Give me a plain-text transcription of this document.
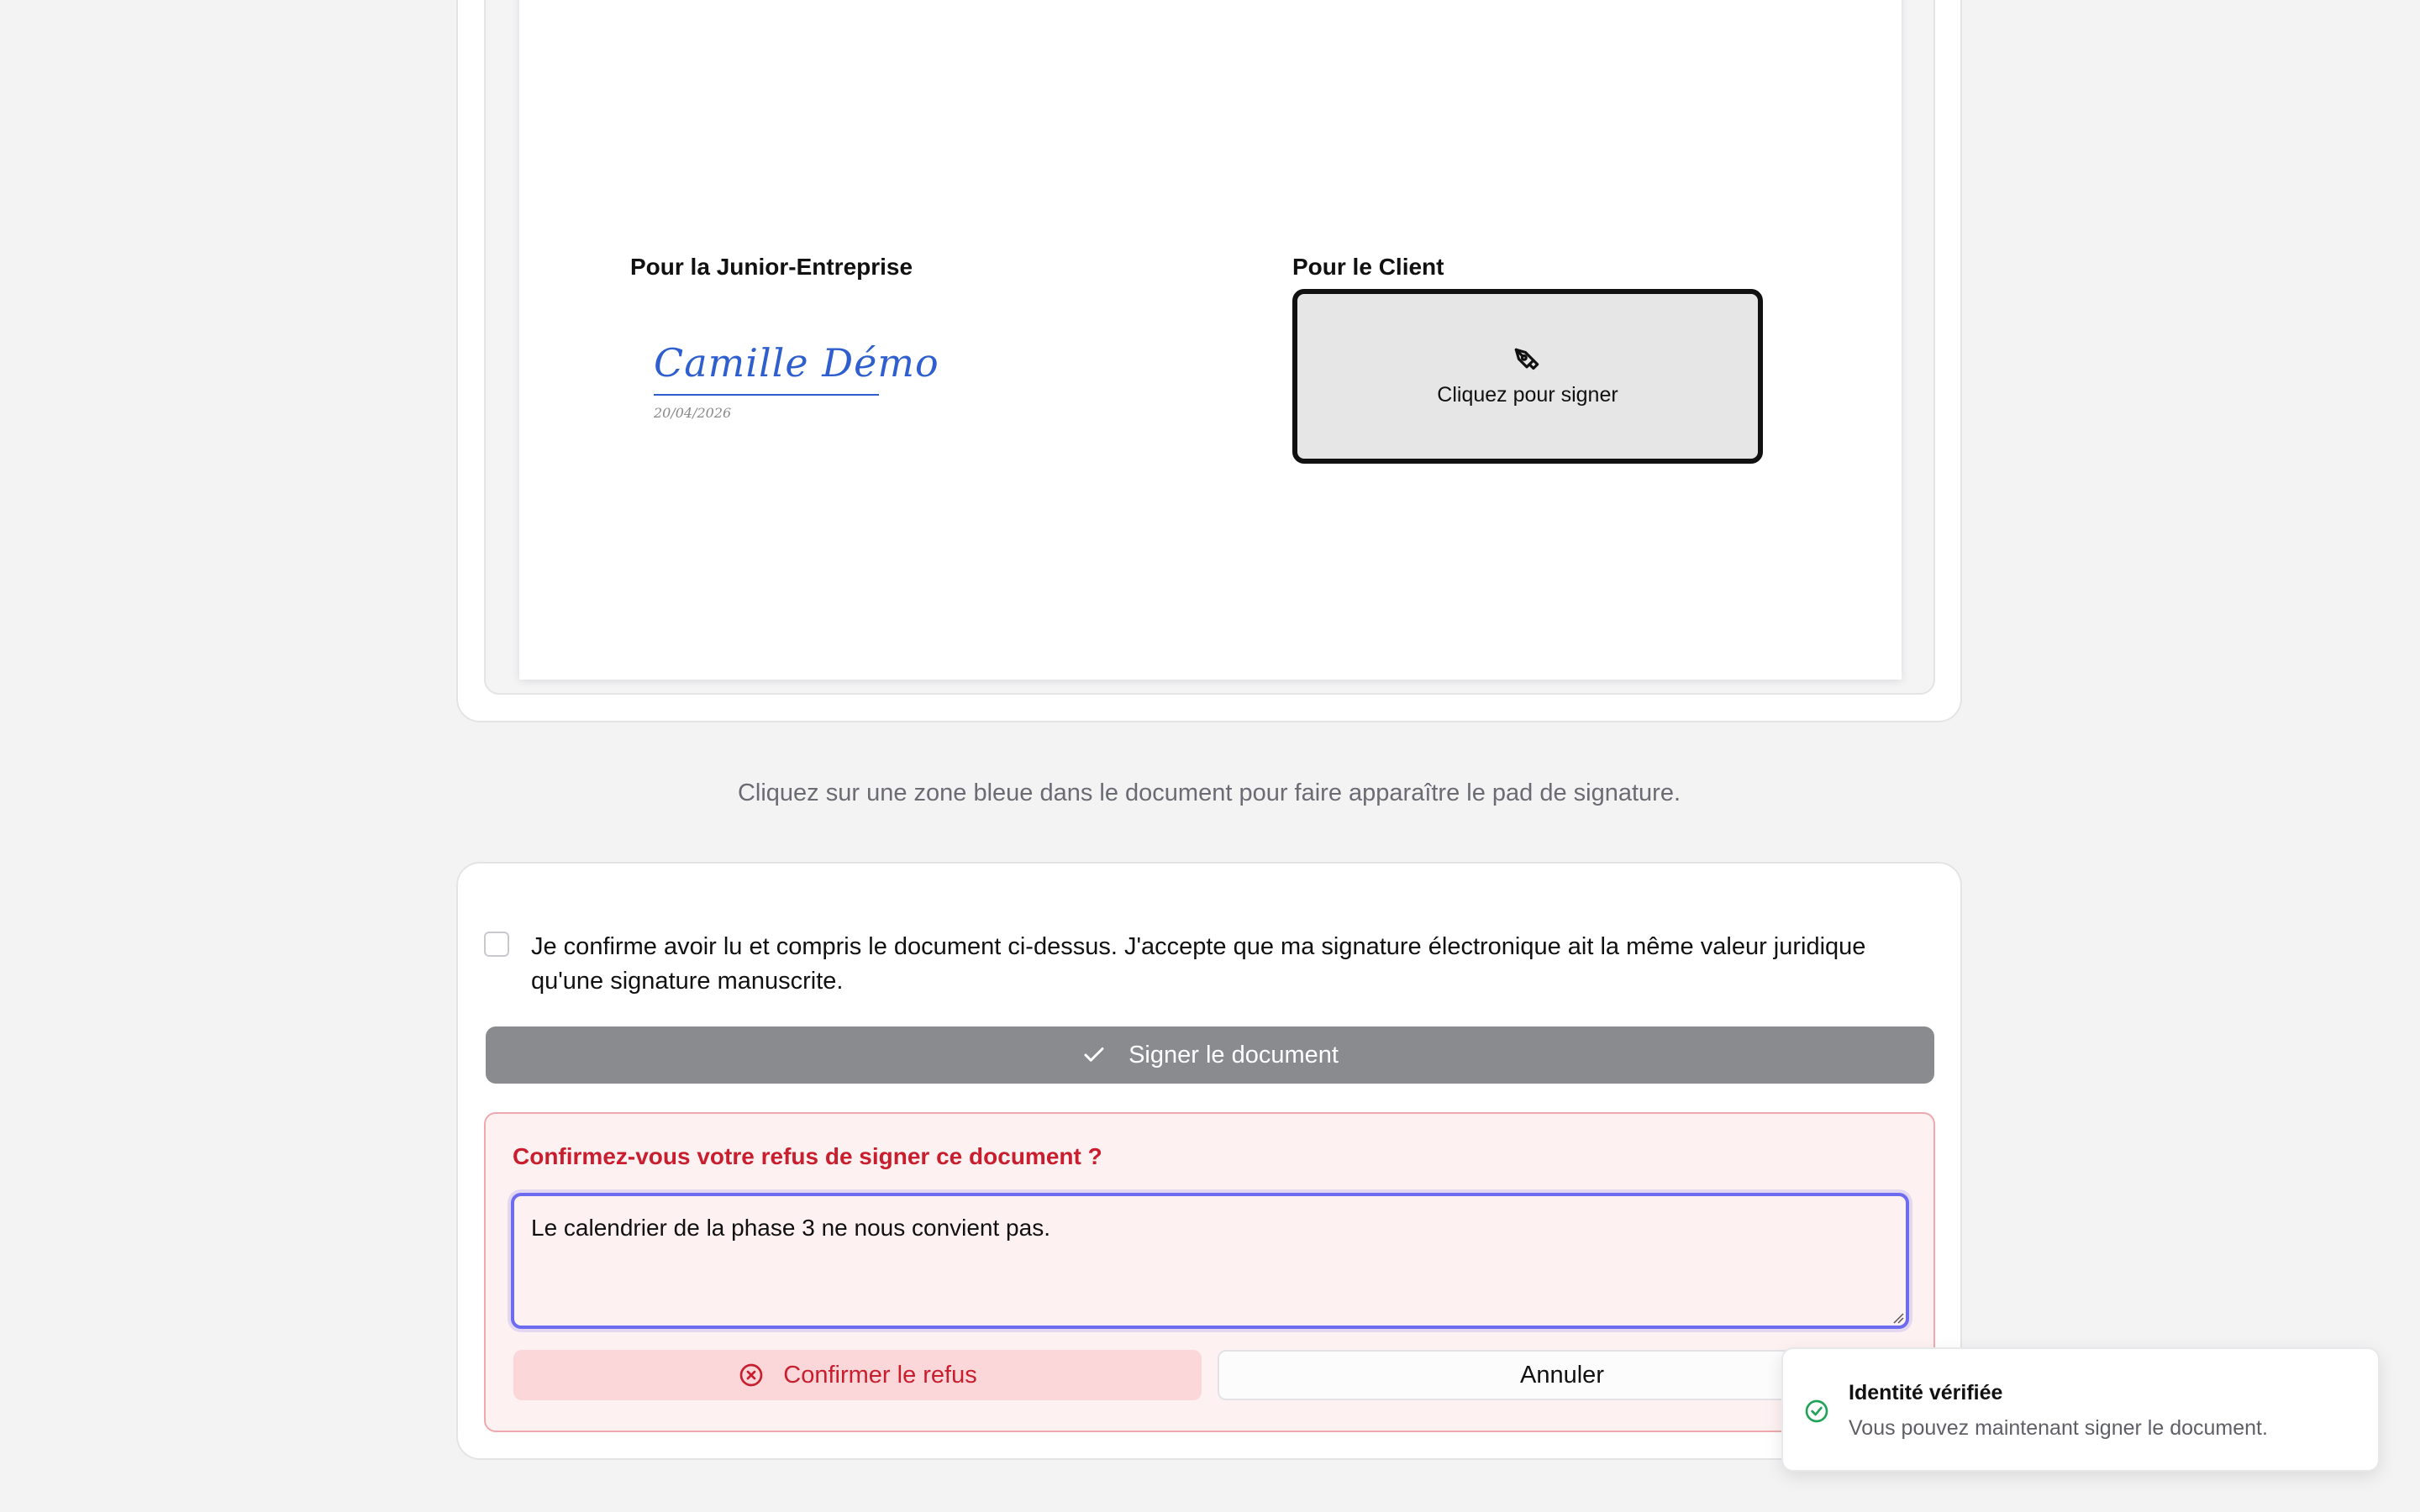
Pour la Junior-Entreprise
Camille Démo
20/04/2026
Pour le Client
Cliquez pour signer
Cliquez sur une zone bleue dans le document pour faire apparaître le pad de signature.
Je confirme avoir lu et compris le document ci-dessus. J'accepte que ma signature électronique ait la même valeur juridique qu'une signature manuscrite.
Signer le document
Confirmez-vous votre refus de signer ce document ?
Le calendrier de la phase 3 ne nous convient pas.
Confirmer le refus	Annuler
Identité vérifiée
Vous pouvez maintenant signer le document.
